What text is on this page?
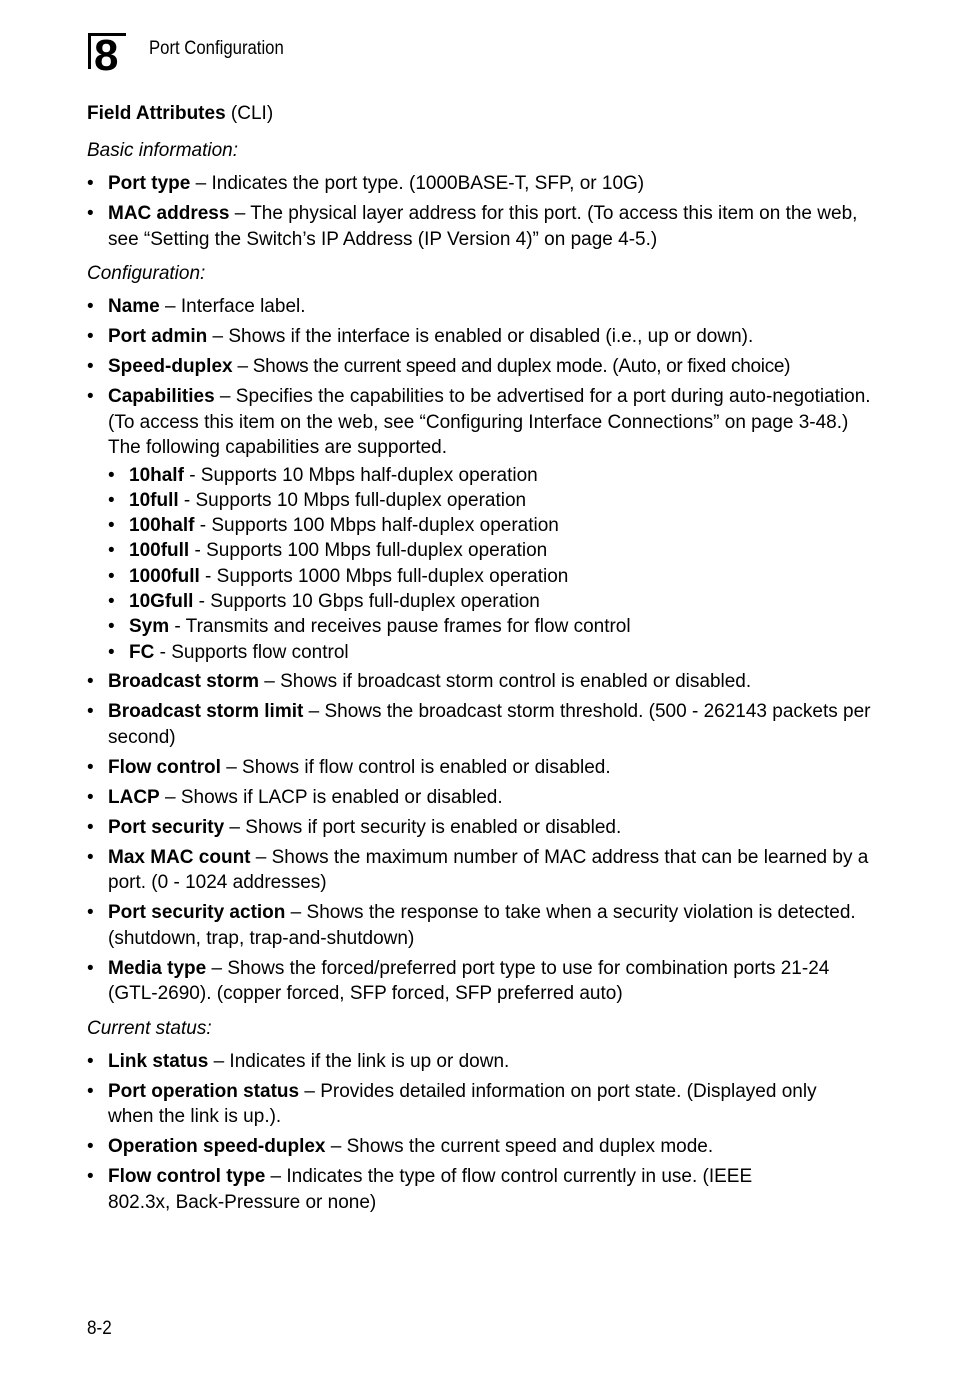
8	Port Configuration

Field Attributes (CLI)

Basic information:

• Port type – Indicates the port type. (1000BASE-T, SFP, or 10G)
• MAC address – The physical layer address for this port. (To access this item on the web, see “Setting the Switch’s IP Address (IP Version 4)” on page 4-5.)

Configuration:

• Name – Interface label.
• Port admin – Shows if the interface is enabled or disabled (i.e., up or down).
• Speed-duplex – Shows the current speed and duplex mode. (Auto, or fixed choice)
• Capabilities – Specifies the capabilities to be advertised for a port during auto-negotiation. (To access this item on the web, see “Configuring Interface Connections” on page 3-48.) The following capabilities are supported.
• 10half - Supports 10 Mbps half-duplex operation
• 10full - Supports 10 Mbps full-duplex operation
• 100half - Supports 100 Mbps half-duplex operation
• 100full - Supports 100 Mbps full-duplex operation
• 1000full - Supports 1000 Mbps full-duplex operation
• 10Gfull - Supports 10 Gbps full-duplex operation
• Sym - Transmits and receives pause frames for flow control
• FC - Supports flow control
• Broadcast storm – Shows if broadcast storm control is enabled or disabled.
• Broadcast storm limit – Shows the broadcast storm threshold. (500 - 262143 packets per second)
• Flow control – Shows if flow control is enabled or disabled.
• LACP – Shows if LACP is enabled or disabled.
• Port security – Shows if port security is enabled or disabled.
• Max MAC count – Shows the maximum number of MAC address that can be learned by a port. (0 - 1024 addresses)
• Port security action – Shows the response to take when a security violation is detected. (shutdown, trap, trap-and-shutdown)
• Media type – Shows the forced/preferred port type to use for combination ports 21-24 (GTL-2690). (copper forced, SFP forced, SFP preferred auto)

Current status:

• Link status – Indicates if the link is up or down.
• Port operation status – Provides detailed information on port state. (Displayed only when the link is up.).
• Operation speed-duplex – Shows the current speed and duplex mode.
• Flow control type – Indicates the type of flow control currently in use. (IEEE 802.3x, Back-Pressure or none)
8-2
